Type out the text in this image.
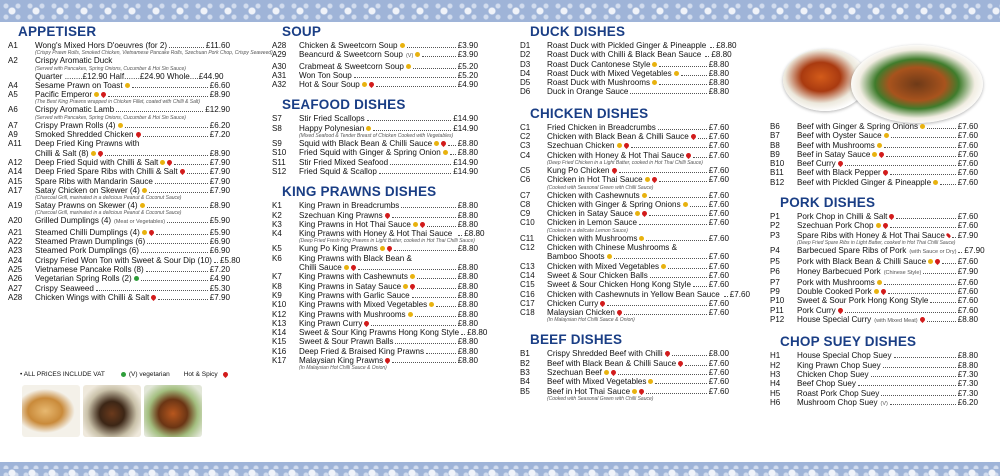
APPETISER
A1	Wong's Mixed Hors D'oeuvres (for 2)	£11.60
(Crispy Prawn Rolls, Smoked Chicken, Vietnamese Pancake Rolls, Szechuan Pork Chop, Crispy Seaweed)
A2	Crispy Aromatic Duck
(Served with Pancakes, Spring Onions, Cucumber & Hoi Sin Sauce)
Quarter ........£12.90 Half.......£24.90 Whole....£44.90
A4	Sesame Prawn on Toast	£6.60
A5	Pacific Emperor	£8.90
(The Best King Prawns wrapped in Chicken Fillet, coated with Chilli & Salt)
A6	Crispy Aromatic Lamb	£12.90
(Served with Pancakes, Spring Onions, Cucumber & Hoi Sin Sauce)
A7	Crispy Prawn Rolls (4)	£6.20
A9	Smoked Shredded Chicken	£7.20
A11	Deep Fried King Prawns with
Chilli & Salt (8)	£8.90
A12	Deep Fried Squid with Chilli & Salt	£7.90
A14	Deep Fried Spare Ribs with Chilli & Salt	£7.90
A15	Spare Ribs with Mandarin Sauce	£7.90
A17	Satay Chicken on Skewer (4)	£7.90
(Charcoal Grill, marinated in a delicious Peanut & Coconut Sauce)
A19	Satay Prawns on Skewer (4)	£8.90
(Charcoal Grill, marinated in a delicious Peanut & Coconut Sauce)
A20	Grilled Dumplings (4) (Meat or Vegetables)	£5.90
A21	Steamed Chilli Dumplings (4)	£5.90
A22	Steamed Prawn Dumplings (6)	£6.90
A23	Steamed Pork Dumplings (6)	£6.90
A24	Crispy Fried Won Ton with Sweet & Sour Dip (10) £5.80
A25	Vietnamese Pancake Rolls (8)	£7.20
A26	Vegetarian Spring Rolls (2)	£4.90
A27	Crispy Seaweed	£5.30
A28	Chicken Wings with Chilli & Salt	£7.90
• ALL PRICES INCLUDE VAT	(V) vegetarian Hot & Spicy
SOUP
A28	Chicken & Sweetcorn Soup	£3.90
A29	Beancurd & Sweetcorn Soup (V)	£3.90
A30	Crabmeat & Sweetcorn Soup	£5.20
A31	Won Ton Soup	£5.20
A32	Hot & Sour Soup	£4.90
SEAFOOD DISHES
S7	Stir Fried Scallops	£14.90
S8	Happy Polynesian	£14.90
(Mixed Seafood & Tender Breast of Chicken Cooked with Vegetables)
S9	Squid with Black Bean & Chilli Sauce	£8.80
S10	Fried Squid with Ginger & Spring Onion £8.80
S11	Stir Fried Mixed Seafood	£14.90
S12	Fried Squid & Scallop	£14.90
KING PRAWNS DISHES
K1	King Prawn in Breadcrumbs	£8.80
K2	Szechuan King Prawns	£8.80
K3	King Prawns in Hot Thai Sauce	£8.80
K4	King Prawns with Honey & Hot Thai Sauce £8.80
(Deep Fried Fresh King Prawns in Light Batter, cooked in Hot Thai Chilli Sauce)
K5	Kung Po King Prawns	£8.80
K6	King Prawns with Black Bean &
Chilli Sauce	£8.80
K7	King Prawns with Cashewnuts	£8.80
K8	King Prawns in Satay Sauce	£8.80
K9	King Prawns with Garlic Sauce	£8.80
K10	King Prawns with Mixed Vegetables	£8.80
K12	King Prawns with Mushrooms	£8.80
K13	King Prawn Curry	£8.80
K14	Sweet & Sour King Prawns Hong Kong Style £8.80
K15	Sweet & Sour Prawn Balls	£8.80
K16	Deep Fried & Braised King Prawns	£8.80
K17	Malaysian King Prawns	£8.80
(In Malaysian Hot Chilli Sauce & Onion)
DUCK DISHES
D1	Roast Duck with Pickled Ginger & Pineapple £8.80
D2	Roast Duck with Chilli & Black Bean Sauce £8.80
D3	Roast Duck Cantonese Style	£8.80
D4	Roast Duck with Mixed Vegetables	£8.80
D5	Roast Duck with Mushrooms	£8.80
D6	Duck in Orange Sauce	£8.80
CHICKEN DISHES
C1	Fried Chicken in Breadcrumbs	£7.60
C2	Chicken with Black Bean & Chilli Sauce £7.60
C3	Szechuan Chicken	£7.60
C4	Chicken with Honey & Hot Thai Sauce	£7.60
(Deep Fried Chicken in a Light Batter, cooked in Hot Thai Chilli Sauce)
C5	Kung Po Chicken	£7.60
C6	Chicken in Hot Thai Sauce	£7.60
(Cooked with Seasonal Green with Chilli Sauce)
C7	Chicken with Cashewnuts	£7.60
C8	Chicken with Ginger & Spring Onions	£7.60
C9	Chicken in Satay Sauce	£7.60
C10	Chicken in Lemon Sauce	£7.60
(Cooked in a delicate Lemon Sauce)
C11	Chicken with Mushrooms	£7.60
C12	Chicken with Chinese Mushrooms &
Bamboo Shoots	£7.60
C13	Chicken with Mixed Vegetables	£7.60
C14	Sweet & Sour Chicken Balls	£7.60
C15	Sweet & Sour Chicken Hong Kong Style £7.60
C16	Chicken with Cashewnuts in Yellow Bean Sauce £7.60
C17	Chicken Curry	£7.60
C18	Malaysian Chicken	£7.60
(In Malaysian Hot Chilli Sauce & Onion)
BEEF DISHES
B1	Crispy Shredded Beef with Chilli	£8.00
B2	Beef with Black Bean & Chilli Sauce	£7.60
B3	Szechuan Beef	£7.60
B4	Beef with Mixed Vegetables	£7.60
B5	Beef in Hot Thai Sauce	£7.60
(Cooked with Seasonal Green with Chilli Sauce)
B6	Beef with Ginger & Spring Onions	£7.60
B7	Beef with Oyster Sauce	£7.60
B8	Beef with Mushrooms	£7.60
B9	Beef in Satay Sauce	£7.60
B10	Beef Curry	£7.60
B11	Beef with Black Pepper	£7.60
B12	Beef with Pickled Ginger & Pineapple	£7.60
PORK DISHES
P1	Pork Chop in Chilli & Salt	£7.60
P2	Szechuan Pork Chop	£7.60
P3	Spare Ribs with Honey & Hot Thai Sauce £7.90
(Deep Fried Spare Ribs in Light Batter, cooked in Hot Thai Chilli Sauce)
P4	Barbecued Spare Ribs of Pork (with Sauce or Dry) £7.90
P5	Pork with Black Bean & Chilli Sauce	£7.60
P6	Honey Barbecued Pork (Chinese Style)	£7.90
P7	Pork with Mushrooms	£7.60
P9	Double Cooked Pork	£7.60
P10	Sweet & Sour Pork Hong Kong Style	£7.60
P11	Pork Curry	£7.60
P12	House Special Curry (with Mixed Meat)	£8.80
CHOP SUEY DISHES
H1	House Special Chop Suey	£8.80
H2	King Prawn Chop Suey	£8.80
H3	Chicken Chop Suey	£7.30
H4	Beef Chop Suey	£7.30
H5	Roast Pork Chop Suey	£7.30
H6	Mushroom Chop Suey (V)	£6.20
